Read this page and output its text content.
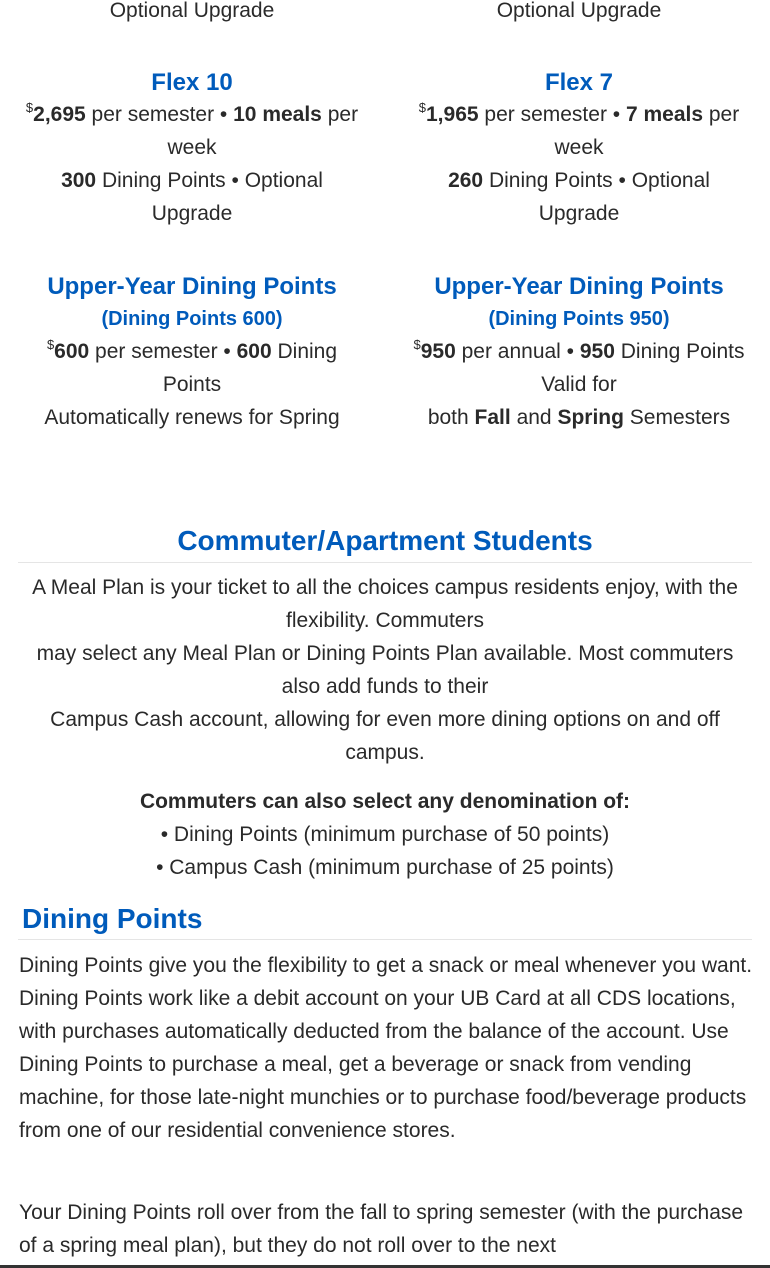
Optional Upgrade
Flex 10
$2,695 per semester • 10 meals per week
300 Dining Points • Optional Upgrade
Upper-Year Dining Points
(Dining Points 600)
$600 per semester • 600 Dining Points
Automatically renews for Spring
Optional Upgrade
Flex 7
$1,965 per semester • 7 meals per week
260 Dining Points • Optional Upgrade
Upper-Year Dining Points
(Dining Points 950)
$950 per annual • 950 Dining Points
Valid for
both Fall and Spring Semesters
Commuter/Apartment Students
A Meal Plan is your ticket to all the choices campus residents enjoy, with the flexibility. Commuters
may select any Meal Plan or Dining Points Plan available. Most commuters also add funds to their
Campus Cash account, allowing for even more dining options on and off campus.
Commuters can also select any denomination of:
• Dining Points (minimum purchase of 50 points)
• Campus Cash (minimum purchase of 25 points)
Dining Points

Dining Points give you the flexibility to get a snack or meal whenever you want. Dining Points work like a debit account on your UB Card at all CDS locations, with purchases automatically deducted from the balance of the account. Use Dining Points to purchase a meal, get a beverage or snack from vending machine, for those late-night munchies or to purchase food/beverage products from one of our residential convenience stores.

Your Dining Points roll over from the fall to spring semester (with the purchase of a spring meal plan), but they do not roll over to the next
